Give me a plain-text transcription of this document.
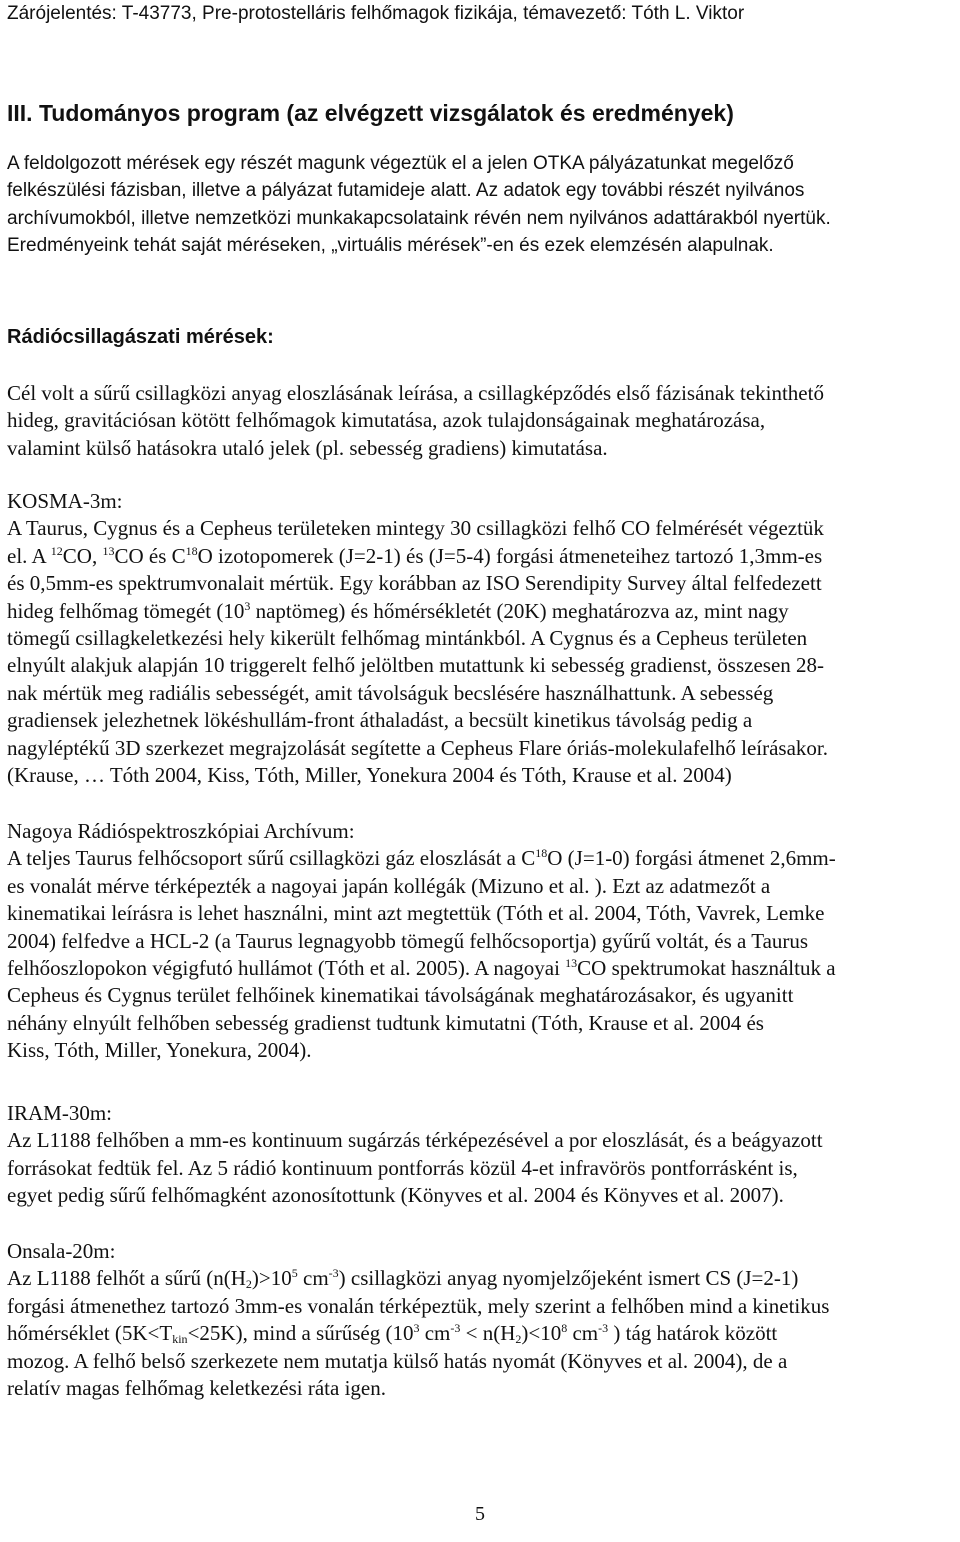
Zárójelentés: T-43773, Pre-protostelláris felhőmagok fizikája, témavezető: Tóth L. Viktor
III. Tudományos program (az elvégzett vizsgálatok és eredmények)
A feldolgozott mérések egy részét magunk végeztük el a jelen OTKA pályázatunkat megelőző
felkészülési fázisban, illetve a pályázat futamideje alatt. Az adatok egy további részét nyilvános
archívumokból, illetve nemzetközi munkakapcsolataink révén nem nyilvános adattárakból nyertük.
Eredményeink tehát saját méréseken, „virtuális mérések”-en és ezek elemzésén alapulnak.
Rádiócsillagászati mérések:
Cél volt a sűrű csillagközi anyag eloszlásának leírása, a csillagképződés első fázisának tekinthető
hideg, gravitációsan kötött felhőmagok kimutatása, azok tulajdonságainak meghatározása,
valamint külső hatásokra utaló jelek (pl. sebesség gradiens) kimutatása.
KOSMA-3m:
A Taurus, Cygnus és a Cepheus területeken mintegy 30 csillagközi felhő CO felmérését végeztük
el. A $^{12}$CO, $^{13}$CO és $C^{18}O$ izotopomerek (J=2-1) és (J=5-4) forgási átmeneteihez tartozó 1,3mm-es
és 0,5mm-es spektrumvonalait mértük. Egy korábban az ISO Serendipity Survey által felfedezett
hideg felhőmag tömegét ($10^3$ naptömeg) és hőmérsékletét (20K) meghatározva az, mint nagy
tömegű csillagkeletkezési hely kikerült felhőmag mintánkból. A Cygnus és a Cepheus területen
elnyúlt alakjuk alapján 10 triggerelt felhő jelöltben mutattunk ki sebesség gradienst, összesen 28-
nak mértük meg radiális sebességét, amit távolságuk becslésére használhattunk. A sebesség
gradiensek jelezhetnek lökéshullám-front áthaladást, a becsült kinetikus távolság pedig a
nagyléptékű 3D szerkezet megrajzolását segítette a Cepheus Flare óriás-molekulafelhő leírásakor.
(Krause, … Tóth 2004, Kiss, Tóth, Miller, Yonekura 2004 és Tóth, Krause et al. 2004)
Nagoya Rádióspektroszkópiai Archívum:
A teljes Taurus felhőcsoport sűrű csillagközi gáz eloszlását a $C^{18}O$ (J=1-0) forgási átmenet 2,6mm-
es vonalát mérve térképezték a nagoyai japán kollégák (Mizuno et al. ). Ezt az adatmezőt a
kinematikai leírásra is lehet használni, mint azt megtettük (Tóth et al. 2004, Tóth, Vavrek, Lemke
2004) felfedve a HCL-2 (a Taurus legnagyobb tömegű felhőcsoportja) gyűrű voltát, és a Taurus
felhőoszlopokon végigfutó hullámot (Tóth et al. 2005). A nagoyai $^{13}$CO spektrumokat használtuk a
Cepheus és Cygnus terület felhőinek kinematikai távolságának meghatározásakor, és ugyanitt
néhány elnyúlt felhőben sebesség gradienst tudtunk kimutatni (Tóth, Krause et al. 2004 és
Kiss, Tóth, Miller, Yonekura, 2004).
IRAM-30m:
Az L1188 felhőben a mm-es kontinuum sugárzás térképezésével a por eloszlását, és a beágyazott
forrásokat fedtük fel. Az 5 rádió kontinuum pontforrás közül 4-et infravörös pontforrásként is,
egyet pedig sűrű felhőmagként azonosítottunk (Könyves et al. 2004 és Könyves et al. 2007).
Onsala-20m:
Az L1188 felhőt a sűrű ($n(H_2)>10^5$ $cm^{-3}$) csillagközi anyag nyomjelzőjeként ismert CS (J=2-1)
forgási átmenethez tartozó 3mm-es vonalán térképeztük, mely szerint a felhőben mind a kinetikus
hőmérséklet $(5K<T_{kin}<25K)$, mind a sűrűség ($10^3$ $cm^{-3} < n(H_2)<10^8$ $cm^{-3}$ ) tág határok között
mozog. A felhő belső szerkezete nem mutatja külső hatás nyomát (Könyves et al. 2004), de a
relatív magas felhőmag keletkezési ráta igen.
5
